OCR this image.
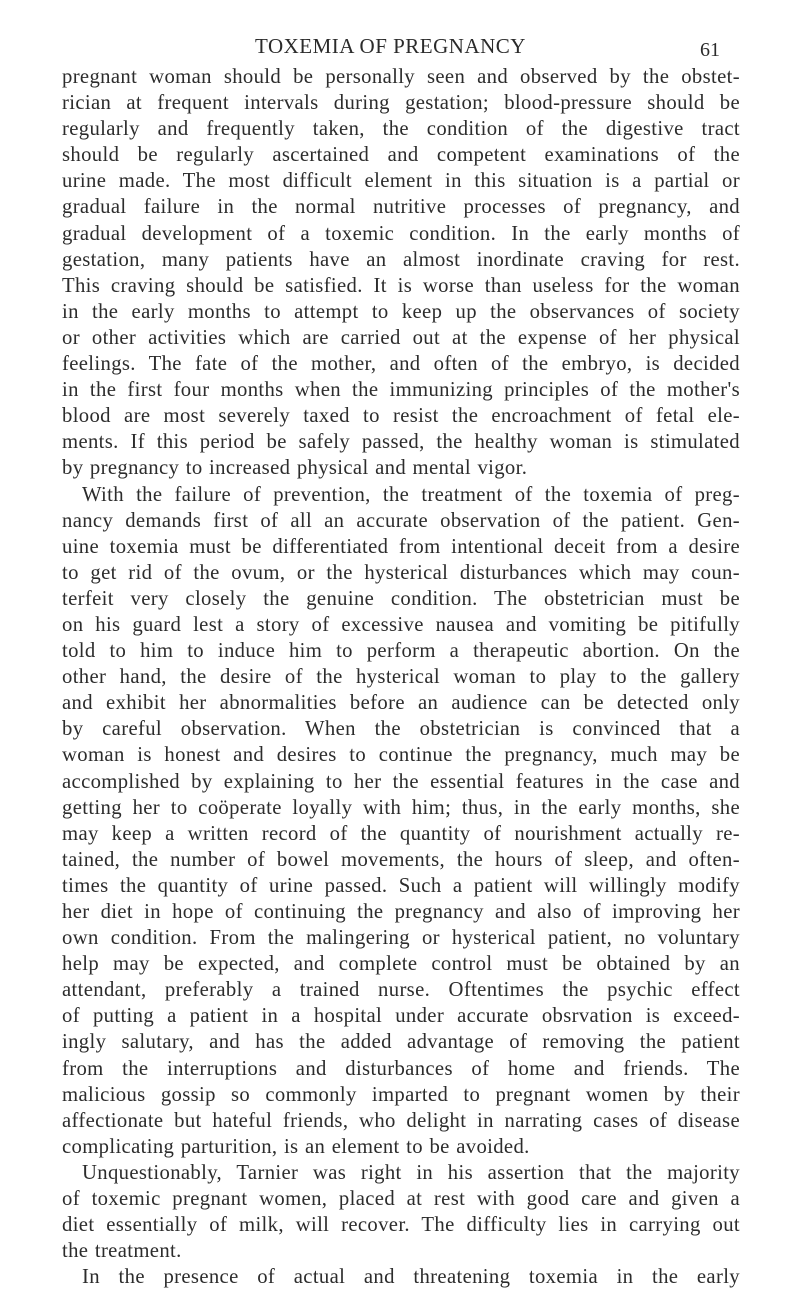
TOXEMIA OF PREGNANCY	61
pregnant woman should be personally seen and observed by the obstet-
rician at frequent intervals during gestation; blood-pressure should be
regularly and frequently taken, the condition of the digestive tract
should be regularly ascertained and competent examinations of the
urine made. The most difficult element in this situation is a partial or
gradual failure in the normal nutritive processes of pregnancy, and
gradual development of a toxemic condition. In the early months of
gestation, many patients have an almost inordinate craving for rest.
This craving should be satisfied. It is worse than useless for the woman
in the early months to attempt to keep up the observances of society
or other activities which are carried out at the expense of her physical
feelings. The fate of the mother, and often of the embryo, is decided
in the first four months when the immunizing principles of the mother's
blood are most severely taxed to resist the encroachment of fetal ele-
ments. If this period be safely passed, the healthy woman is stimulated
by pregnancy to increased physical and mental vigor.
With the failure of prevention, the treatment of the toxemia of preg-
nancy demands first of all an accurate observation of the patient. Gen-
uine toxemia must be differentiated from intentional deceit from a desire
to get rid of the ovum, or the hysterical disturbances which may coun-
terfeit very closely the genuine condition. The obstetrician must be
on his guard lest a story of excessive nausea and vomiting be pitifully
told to him to induce him to perform a therapeutic abortion. On the
other hand, the desire of the hysterical woman to play to the gallery
and exhibit her abnormalities before an audience can be detected only
by careful observation. When the obstetrician is convinced that a
woman is honest and desires to continue the pregnancy, much may be
accomplished by explaining to her the essential features in the case and
getting her to coöperate loyally with him; thus, in the early months, she
may keep a written record of the quantity of nourishment actually re-
tained, the number of bowel movements, the hours of sleep, and often-
times the quantity of urine passed. Such a patient will willingly modify
her diet in hope of continuing the pregnancy and also of improving her
own condition. From the malingering or hysterical patient, no voluntary
help may be expected, and complete control must be obtained by an
attendant, preferably a trained nurse. Oftentimes the psychic effect
of putting a patient in a hospital under accurate obsrvation is exceed-
ingly salutary, and has the added advantage of removing the patient
from the interruptions and disturbances of home and friends. The
malicious gossip so commonly imparted to pregnant women by their
affectionate but hateful friends, who delight in narrating cases of disease
complicating parturition, is an element to be avoided.
Unquestionably, Tarnier was right in his assertion that the majority
of toxemic pregnant women, placed at rest with good care and given a
diet essentially of milk, will recover. The difficulty lies in carrying out
the treatment.
In the presence of actual and threatening toxemia in the early
